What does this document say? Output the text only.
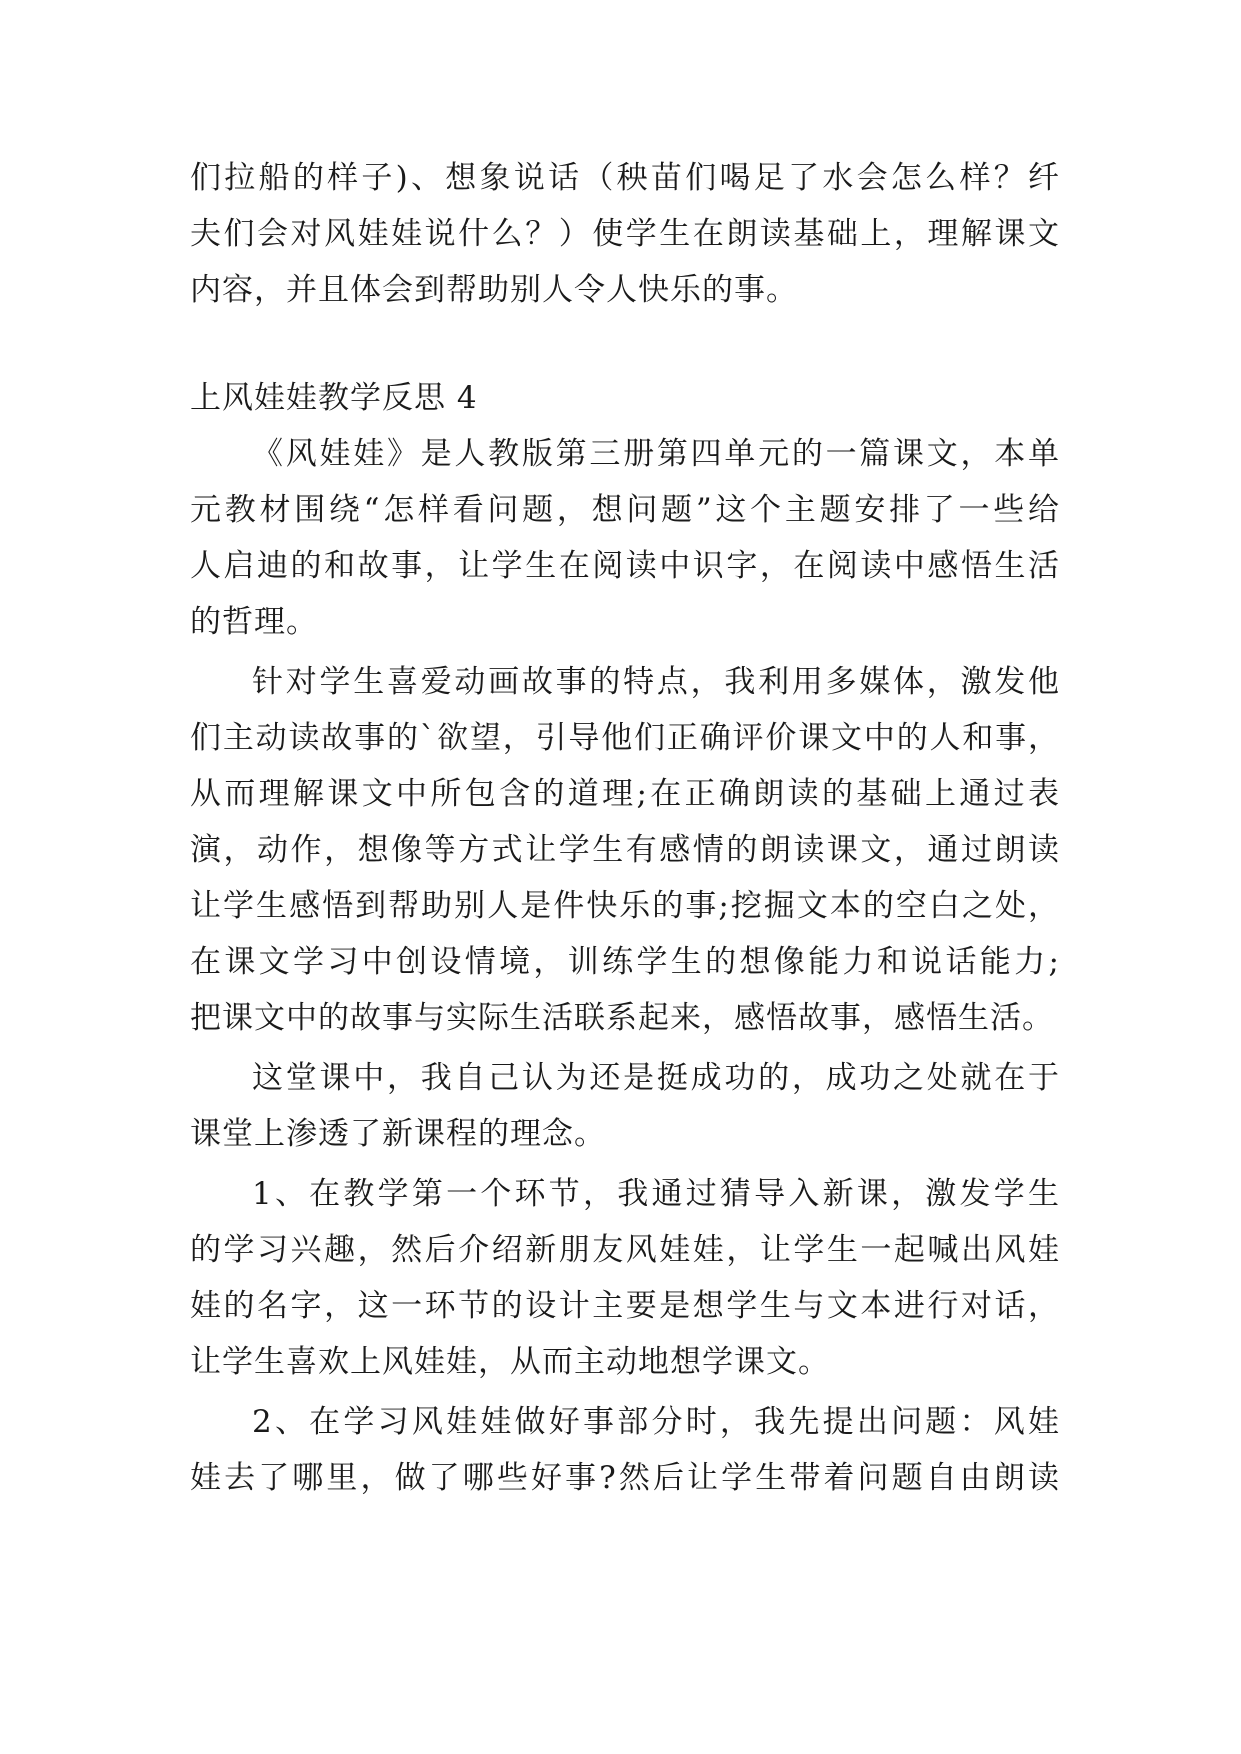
们拉船的样子)、想象说话（秧苗们喝足了水会怎么样？纤
夫们会对风娃娃说什么？）使学生在朗读基础上，理解课文
内容，并且体会到帮助别人令人快乐的事。
上风娃娃教学反思 4
《风娃娃》是人教版第三册第四单元的一篇课文，本单
元教材围绕“怎样看问题，想问题”这个主题安排了一些给
人启迪的和故事，让学生在阅读中识字，在阅读中感悟生活
的哲理。
针对学生喜爱动画故事的特点，我利用多媒体，激发他
们主动读故事的`欲望，引导他们正确评价课文中的人和事，
从而理解课文中所包含的道理;在正确朗读的基础上通过表
演，动作，想像等方式让学生有感情的朗读课文，通过朗读
让学生感悟到帮助别人是件快乐的事;挖掘文本的空白之处，
在课文学习中创设情境，训练学生的想像能力和说话能力;
把课文中的故事与实际生活联系起来，感悟故事，感悟生活。
这堂课中，我自己认为还是挺成功的，成功之处就在于
课堂上渗透了新课程的理念。
1、在教学第一个环节，我通过猜导入新课，激发学生
的学习兴趣，然后介绍新朋友风娃娃，让学生一起喊出风娃
娃的名字，这一环节的设计主要是想学生与文本进行对话，
让学生喜欢上风娃娃，从而主动地想学课文。
2、在学习风娃娃做好事部分时，我先提出问题：风娃
娃去了哪里，做了哪些好事?然后让学生带着问题自由朗读
